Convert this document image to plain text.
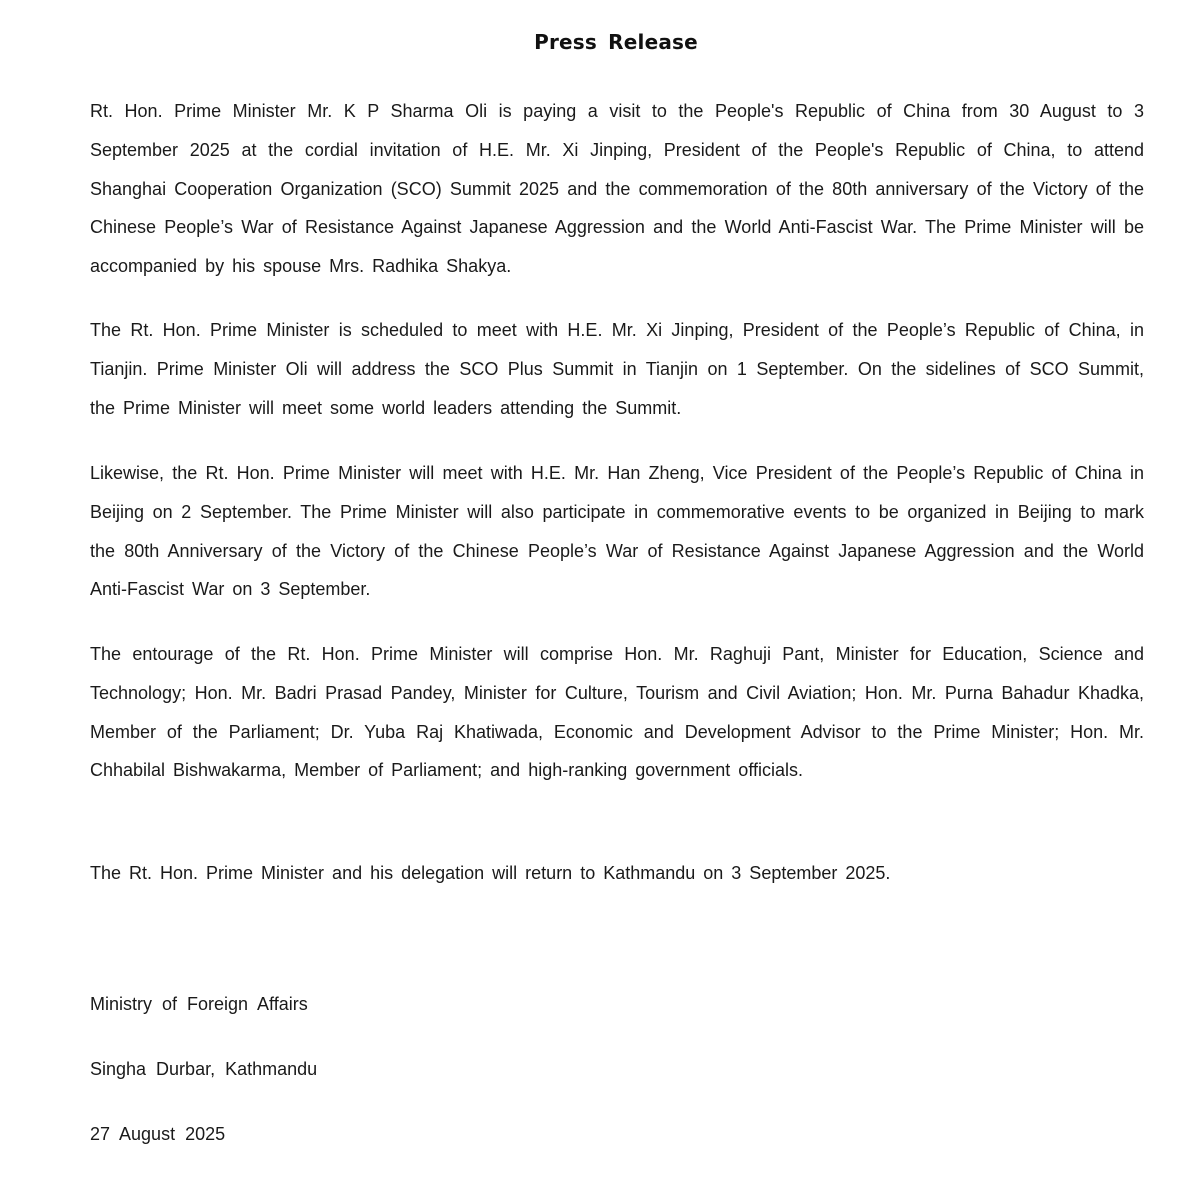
Press Release

Rt. Hon. Prime Minister Mr. K P Sharma Oli is paying a visit to the People's Republic of China from 30 August to 3 September 2025 at the cordial invitation of H.E. Mr. Xi Jinping, President of the People's Republic of China, to attend Shanghai Cooperation Organization (SCO) Summit 2025 and the commemoration of the 80th anniversary of the Victory of the Chinese People’s War of Resistance Against Japanese Aggression and the World Anti-Fascist War. The Prime Minister will be accompanied by his spouse Mrs. Radhika Shakya.

The Rt. Hon. Prime Minister is scheduled to meet with H.E. Mr. Xi Jinping, President of the People’s Republic of China, in Tianjin. Prime Minister Oli will address the SCO Plus Summit in Tianjin on 1 September. On the sidelines of SCO Summit, the Prime Minister will meet some world leaders attending the Summit.

Likewise, the Rt. Hon. Prime Minister will meet with H.E. Mr. Han Zheng, Vice President of the People’s Republic of China in Beijing on 2 September. The Prime Minister will also participate in commemorative events to be organized in Beijing to mark the 80th Anniversary of the Victory of the Chinese People’s War of Resistance Against Japanese Aggression and the World Anti-Fascist War on 3 September.

The entourage of the Rt. Hon. Prime Minister will comprise Hon. Mr. Raghuji Pant, Minister for Education, Science and Technology; Hon. Mr. Badri Prasad Pandey, Minister for Culture, Tourism and Civil Aviation; Hon. Mr. Purna Bahadur Khadka, Member of the Parliament; Dr. Yuba Raj Khatiwada, Economic and Development Advisor to the Prime Minister; Hon. Mr. Chhabilal Bishwakarma, Member of Parliament; and high-ranking government officials.

The Rt. Hon. Prime Minister and his delegation will return to Kathmandu on 3 September 2025.

Ministry of Foreign Affairs

Singha Durbar, Kathmandu

27 August 2025
